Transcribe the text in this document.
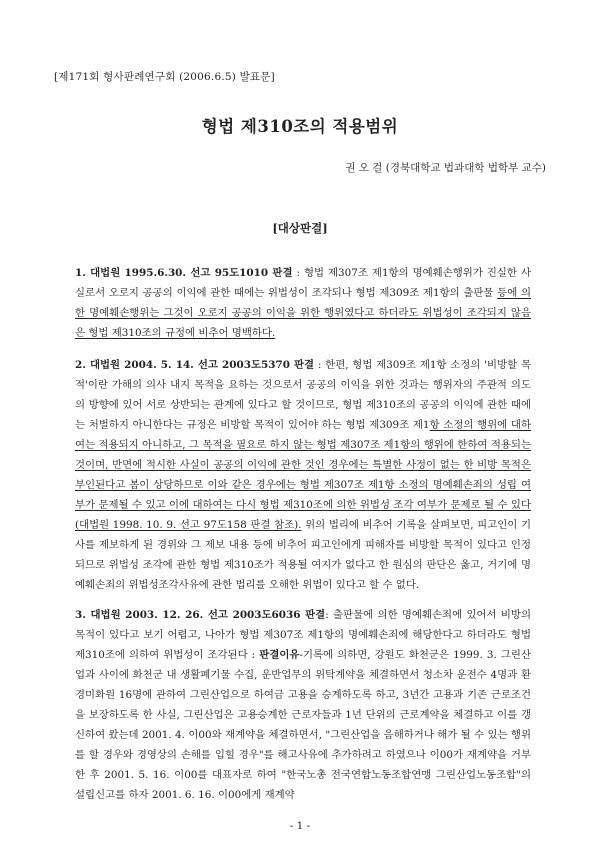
[제171회 형사판례연구회 (2006.6.5) 발표문]
형법 제310조의 적용범위
권 오 걸 (경북대학교 법과대학 법학부 교수)
[대상판결]

1. 대법원 1995.6.30. 선고 95도1010 판결 : 형법 제307조 제1항의 명예훼손행위가 진실한 사실로서 오로지 공공의 이익에 관한 때에는 위법성이 조각되나 형법 제309조 제1항의 출판물 등에 의한 명예훼손행위는 그것이 오로지 공공의 이익을 위한 행위였다고 하더라도 위법성이 조각되지 않음은 형법 제310조의 규정에 비추어 명백하다.

2. 대법원 2004. 5. 14. 선고 2003도5370 판결 : 한편, 형법 제309조 제1항 소정의 '비방할 목적'이란 가해의 의사 내지 목적을 요하는 것으로서 공공의 이익을 위한 것과는 행위자의 주관적 의도의 방향에 있어 서로 상반되는 관계에 있다고 할 것이므로, 형법 제310조의 공공의 이익에 관한 때에는 처벌하지 아니한다는 규정은 비방할 목적이 있어야 하는 형법 제309조 제1항 소정의 행위에 대하여는 적용되지 아니하고, 그 목적을 필요로 하지 않는 형법 제307조 제1항의 행위에 한하여 적용되는 것이며, 반면에 적시한 사실이 공공의 이익에 관한 것인 경우에는 특별한 사정이 없는 한 비방 목적은 부인된다고 봄이 상당하므로 이와 같은 경우에는 형법 제307조 제1항 소정의 명예훼손죄의 성립 여부가 문제될 수 있고 이에 대하여는 다시 형법 제310조에 의한 위법성 조각 여부가 문제로 될 수 있다(대법원 1998. 10. 9. 선고 97도158 판결 참조). 위의 법리에 비추어 기록을 살펴보면, 피고인이 기사를 제보하게 된 경위와 그 제보 내용 등에 비추어 피고인에게 피해자를 비방할 목적이 있다고 인정되므로 위법성 조각에 관한 형법 제310조가 적용될 여지가 없다고 한 원심의 판단은 옳고, 거기에 명예훼손죄의 위법성조각사유에 관한 법리를 오해한 위법이 있다고 할 수 없다.

3. 대법원 2003. 12. 26. 선고 2003도6036 판결: 출판물에 의한 명예훼손죄에 있어서 비방의 목적이 있다고 보기 어렵고, 나아가 형법 제307조 제1항의 명예훼손죄에 해당한다고 하더라도 형법 제310조에 의하여 위법성이 조각된다 : 판결이유-기록에 의하면, 강원도 화천군은 1999. 3. 그린산업과 사이에 화천군 내 생활폐기물 수집, 운반업무의 위탁계약을 체결하면서 청소차 운전수 4명과 환경미화원 16명에 관하여 그린산업으로 하여금 고용을 승계하도록 하고, 3년간 고용과 기존 근로조건을 보장하도록 한 사실, 그린산업은 고용승계한 근로자들과 1년 단위의 근로계약을 체결하고 이를 갱신하여 왔는데 2001. 4. 이00와 재계약을 체결하면서, "그린산업을 음해하거나 해가 될 수 있는 행위를 할 경우와 경영상의 손해를 입힐 경우"를 해고사유에 추가하려고 하였으나 이00가 재계약을 거부한 후 2001. 5. 16. 이00를 대표자로 하여 "한국노총 전국연합노동조합연맹 그린산업노동조합"의 설립신고를 하자 2001. 6. 16. 이00에게 재계약

- 1 -
